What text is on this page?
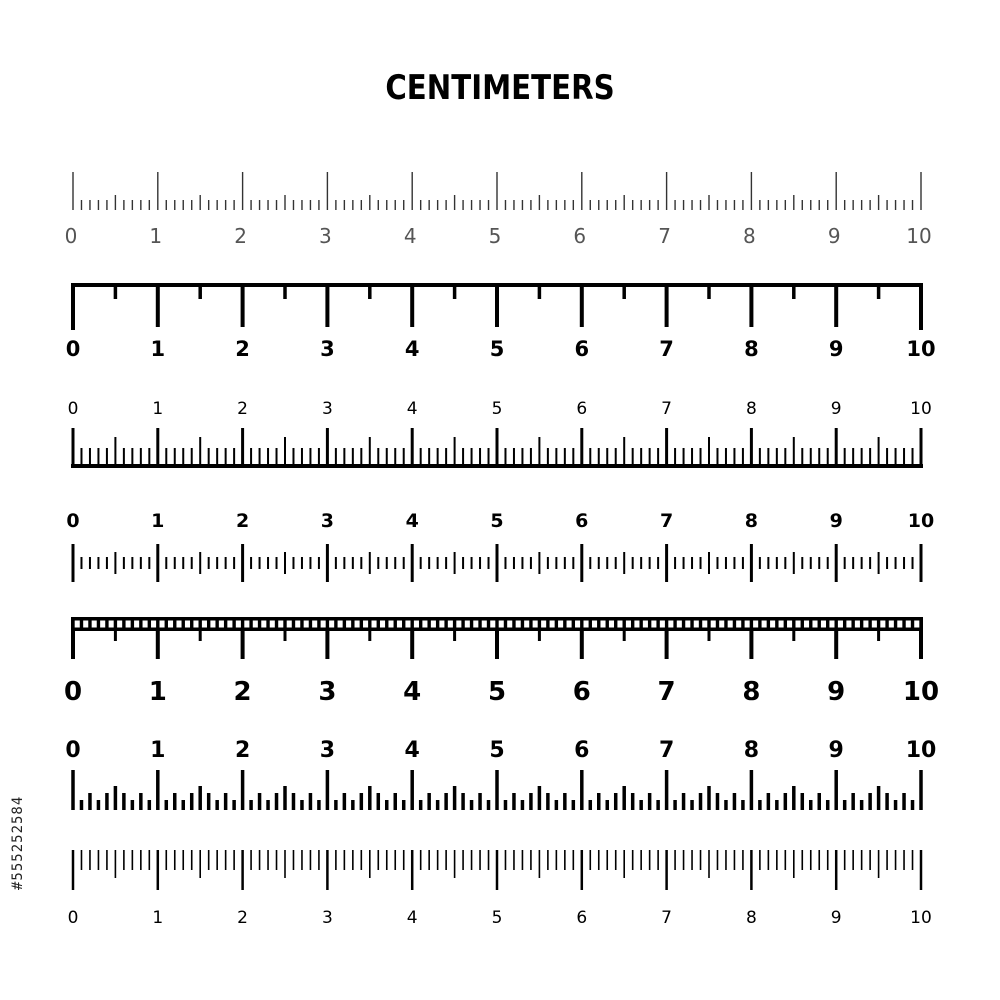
CENTIMETERS
0	1	2	3	4	5	6	7	8	9	10
0	1	2	3	4	5	6	7	8	9	10
0	1	2	3	4	5	6	7	8	9	10
0	1	2	3	4	5	6	7	8	9	10
0	1	2	3	4	5	6	7	8	9 10
0	1	2	3	4	5	6	7	8	9	10
0	1	2	3	4	5	6	7	8	9	10
#555252584
